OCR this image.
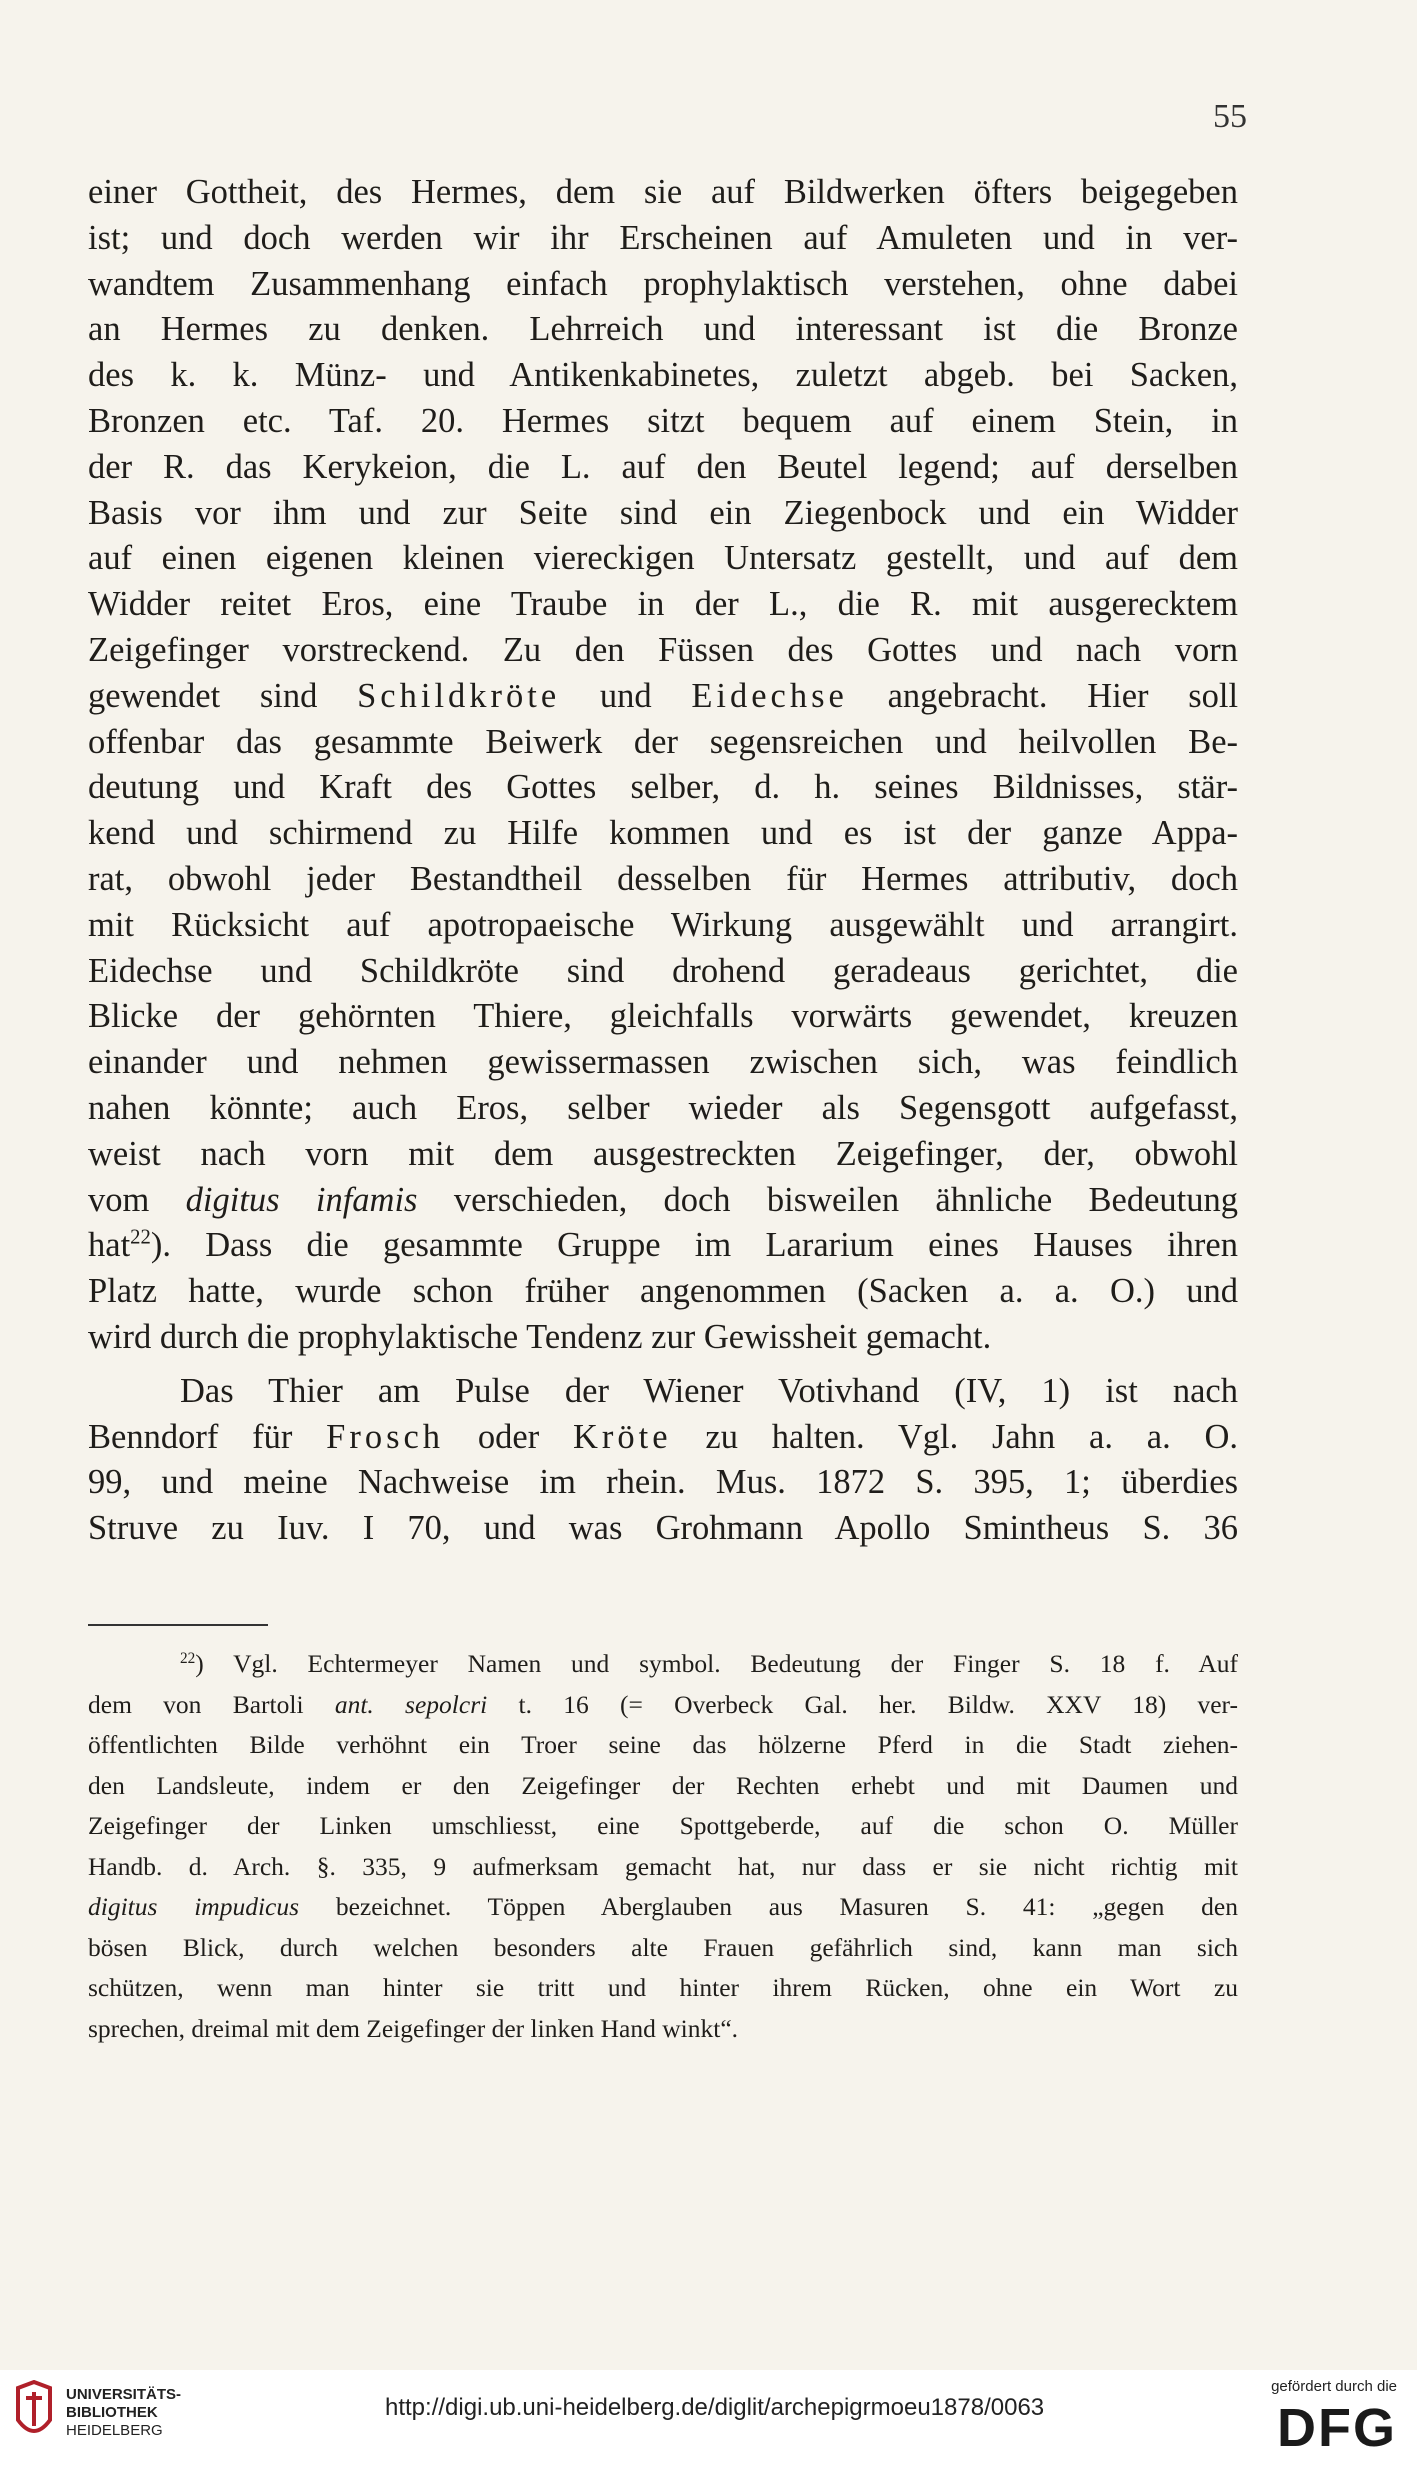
55

einer Gottheit, des Hermes, dem sie auf Bildwerken öfters beigegeben
ist; und doch werden wir ihr Erscheinen auf Amuleten und in ver-
wandtem Zusammenhang einfach prophylaktisch verstehen, ohne dabei
an Hermes zu denken. Lehrreich und interessant ist die Bronze
des k. k. Münz- und Antikenkabinetes, zuletzt abgeb. bei Sacken,
Bronzen etc. Taf. 20. Hermes sitzt bequem auf einem Stein, in
der R. das Kerykeion, die L. auf den Beutel legend; auf derselben
Basis vor ihm und zur Seite sind ein Ziegenbock und ein Widder
auf einen eigenen kleinen viereckigen Untersatz gestellt, und auf dem
Widder reitet Eros, eine Traube in der L., die R. mit ausgerecktem
Zeigefinger vorstreckend. Zu den Füssen des Gottes und nach vorn
gewendet sind Schildkröte und Eidechse angebracht. Hier soll
offenbar das gesammte Beiwerk der segensreichen und heilvollen Be-
deutung und Kraft des Gottes selber, d. h. seines Bildnisses, stär-
kend und schirmend zu Hilfe kommen und es ist der ganze Appa-
rat, obwohl jeder Bestandtheil desselben für Hermes attributiv, doch
mit Rücksicht auf apotropaeische Wirkung ausgewählt und arrangirt.
Eidechse und Schildkröte sind drohend geradeaus gerichtet, die
Blicke der gehörnten Thiere, gleichfalls vorwärts gewendet, kreuzen
einander und nehmen gewissermassen zwischen sich, was feindlich
nahen könnte; auch Eros, selber wieder als Segensgott aufgefasst,
weist nach vorn mit dem ausgestreckten Zeigefinger, der, obwohl
vom digitus infamis verschieden, doch bisweilen ähnliche Bedeutung
hat$^{22}$). Dass die gesammte Gruppe im Lararium eines Hauses ihren
Platz hatte, wurde schon früher angenommen (Sacken a. a. O.) und
wird durch die prophylaktische Tendenz zur Gewissheit gemacht.

Das Thier am Pulse der Wiener Votivhand (IV, 1) ist nach
Benndorf für Frosch oder Kröte zu halten. Vgl. Jahn a. a. O.
99, und meine Nachweise im rhein. Mus. 1872 S. 395, 1; überdies
Struve zu Iuv. I 70, und was Grohmann Apollo Smintheus S. 36

$^{22}$) Vgl. Echtermeyer Namen und symbol. Bedeutung der Finger S. 18 f. Auf
dem von Bartoli ant. sepolcri t. 16 (= Overbeck Gal. her. Bildw. XXV 18) ver-
öffentlichten Bilde verhöhnt ein Troer seine das hölzerne Pferd in die Stadt ziehen-
den Landsleute, indem er den Zeigefinger der Rechten erhebt und mit Daumen und
Zeigefinger der Linken umschliesst, eine Spottgeberde, auf die schon O. Müller
Handb. d. Arch. §. 335, 9 aufmerksam gemacht hat, nur dass er sie nicht richtig mit
digitus impudicus bezeichnet. Töppen Aberglauben aus Masuren S. 41: „gegen den
bösen Blick, durch welchen besonders alte Frauen gefährlich sind, kann man sich
schützen, wenn man hinter sie tritt und hinter ihrem Rücken, ohne ein Wort zu
sprechen, dreimal mit dem Zeigefinger der linken Hand winkt“.
UNIVERSITÄTS-
BIBLIOTHEK
HEIDELBERG
http://digi.ub.uni-heidelberg.de/diglit/archepigrmoeu1878/0063
gefördert durch die
DFG
